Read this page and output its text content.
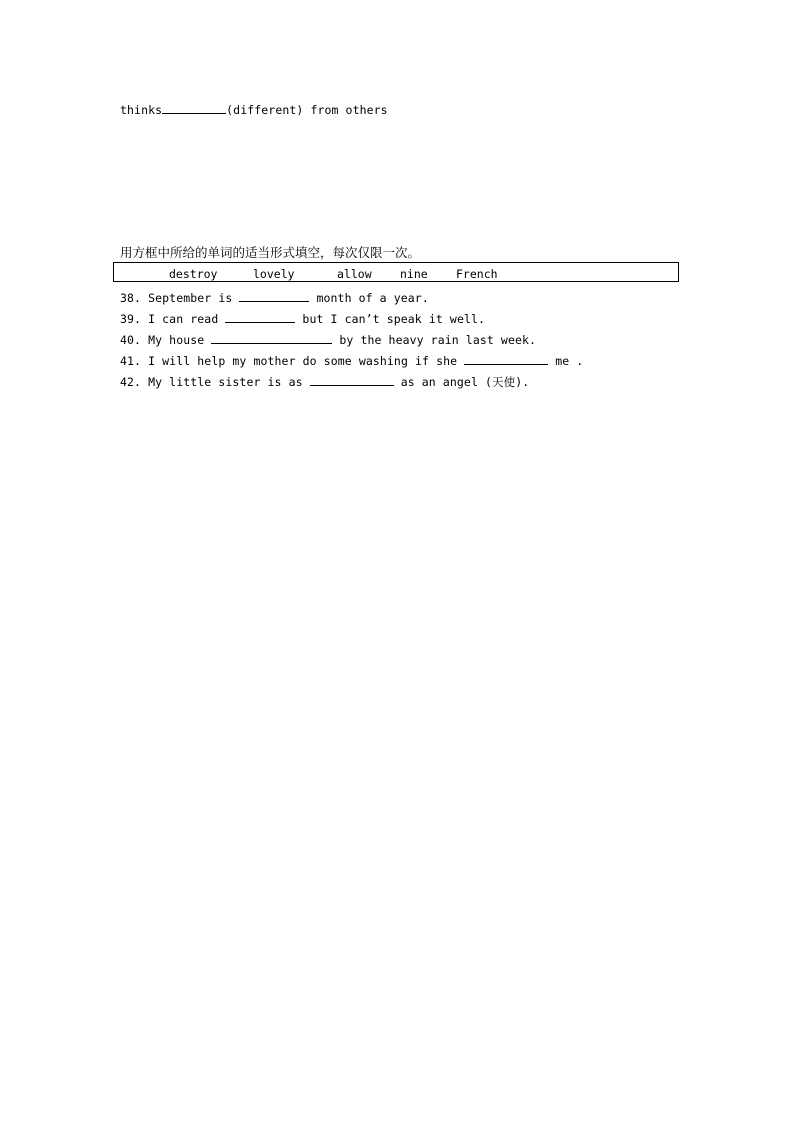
thinks	(different) from others
用方框中所给的单词的适当形式填空，每次仅限一次。
destroy	lovely	allow nine French
38. September is	month of a year.
39. I can read	but I can’t speak it well.
40. My house	by the heavy rain last week.
41. I will help my mother do some washing if she	me .
42. My little sister is as	as an angel (天使).
